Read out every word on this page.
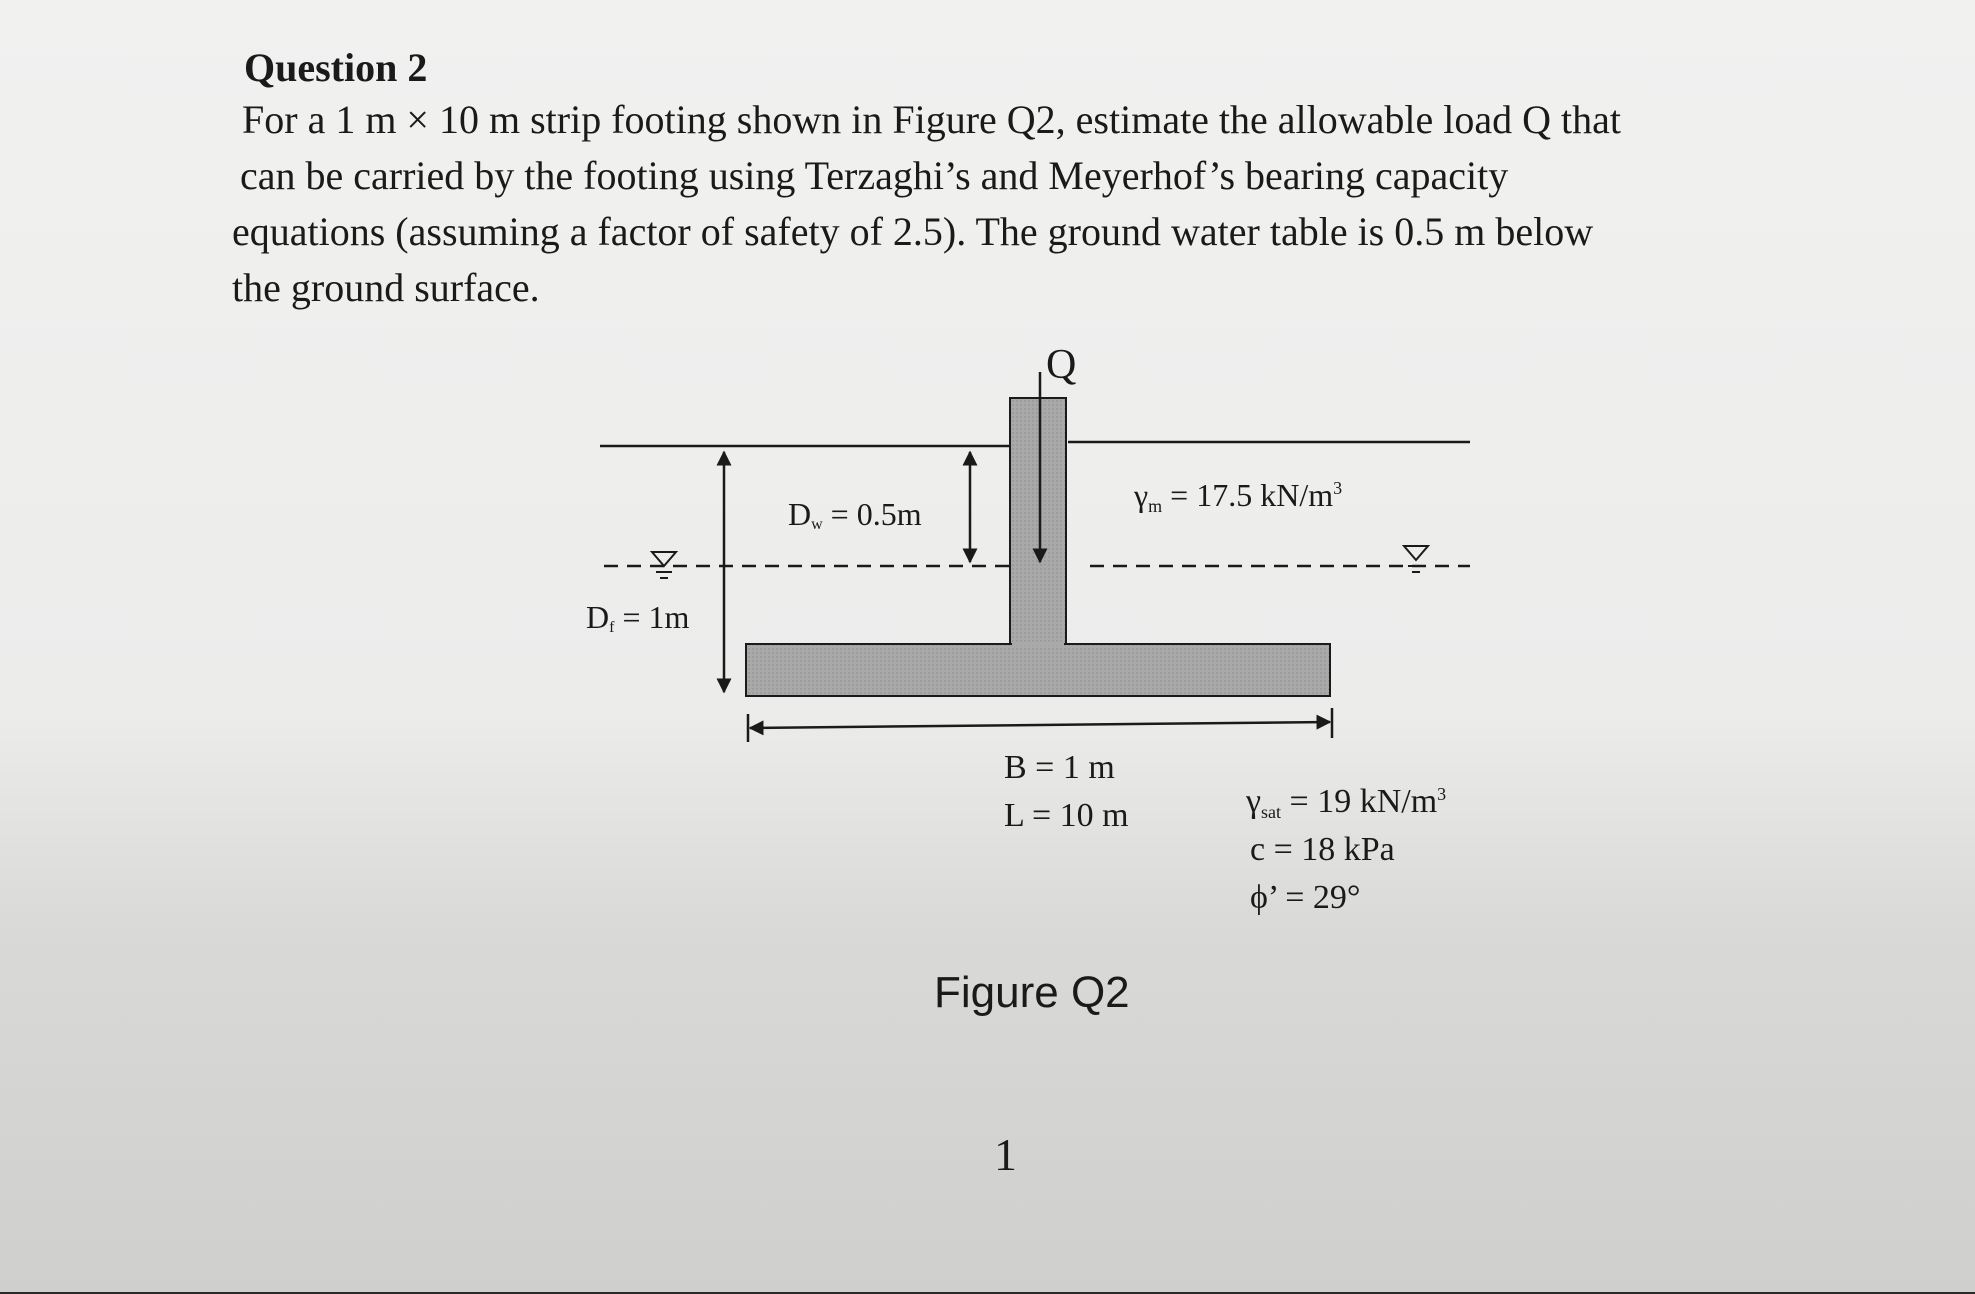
Question 2
For a 1 m × 10 m strip footing shown in Figure Q2, estimate the allowable load Q that
can be carried by the footing using Terzaghi’s and Meyerhof’s bearing capacity
equations (assuming a factor of safety of 2.5). The ground water table is 0.5 m below
the ground surface.
Q
Dw = 0.5m
Df = 1m
γm = 17.5 $kN/m^3$
B = 1 m
L = 10 m	γsat = 19 $kN/m^3$
c = 18 kPa
ϕ’ = 29°
Figure Q2
1
